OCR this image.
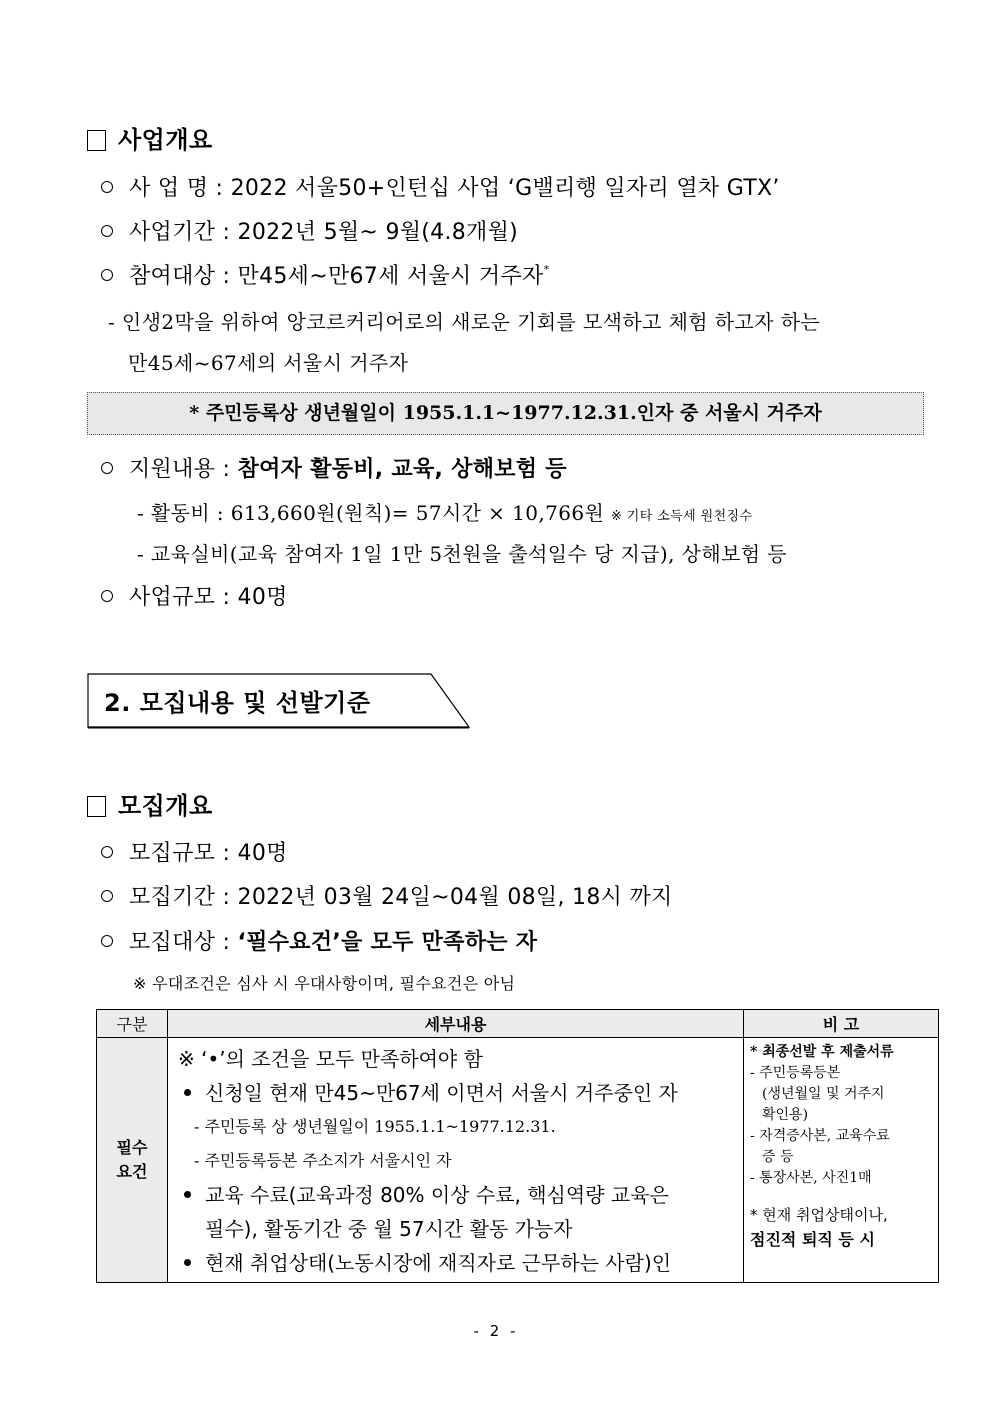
사업개요
사 업 명 : 2022 서울50+인턴십 사업 ‘G밸리행 일자리 열차 GTX’
사업기간 : 2022년 5월~ 9월(4.8개월)
참여대상 : 만45세~만67세 서울시 거주자*
- 인생2막을 위하여 앙코르커리어로의 새로운 기회를 모색하고 체험 하고자 하는
만45세~67세의 서울시 거주자
* 주민등록상 생년월일이 1955.1.1~1977.12.31.인자 중 서울시 거주자
지원내용 : 참여자 활동비, 교육, 상해보험 등
- 활동비 : 613,660원(원칙)= 57시간 × 10,766원 ※ 기타 소득세 원천징수
- 교육실비(교육 참여자 1일 1만 5천원을 출석일수 당 지급), 상해보험 등
사업규모 : 40명
2. 모집내용 및 선발기준
모집개요
모집규모 : 40명
모집기간 : 2022년 03월 24일~04월 08일, 18시 까지
모집대상 : ‘필수요건’을 모두 만족하는 자
※ 우대조건은 심사 시 우대사항이며, 필수요건은 아님
구분	세부내용	비 고

필수
요건

※ ‘•’의 조건을 모두 만족하여야 함
신청일 현재 만45~만67세 이면서 서울시 거주중인 자
- 주민등록 상 생년월일이 1955.1.1~1977.12.31.
- 주민등록등본 주소지가 서울시인 자
교육 수료(교육과정 80% 이상 수료, 핵심역량 교육은
필수), 활동기간 중 월 57시간 활동 가능자
현재 취업상태(노동시장에 재직자로 근무하는 사람)인

* 최종선발 후 제출서류
- 주민등록등본
(생년월일 및 거주지
확인용)
- 자격증사본, 교육수료
증 등
- 통장사본, 사진1매
* 현재 취업상태이나,
점진적 퇴직 등 시
- 2 -
